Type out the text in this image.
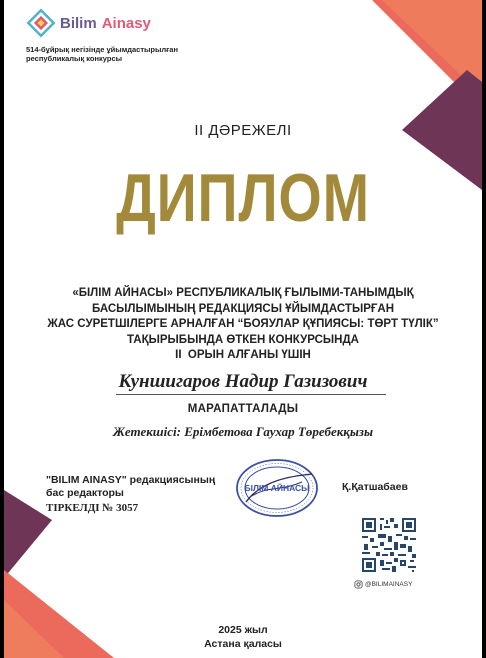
Bilim Ainasy
514-бұйрық негізінде ұйымдастырылған республикалық конкурсы
II ДӘРЕЖЕЛІ
ДИПЛОМ
«БІЛІМ АЙНАСЫ» РЕСПУБЛИКАЛЫҚ ҒЫЛЫМИ-ТАНЫМДЫҚ
БАСЫЛЫМЫНЫҢ РЕДАКЦИЯСЫ ҰЙЫМДАСТЫРҒАН
ЖАС СУРЕТШІЛЕРГЕ АРНАЛҒАН “БОЯУЛАР ҚҰПИЯСЫ: ТӨРТ ТҮЛІК”
ТАҚЫРЫБЫНДА ӨТКЕН КОНКУРСЫНДА
II  ОРЫН АЛҒАНЫ ҮШІН
Куншигаров Надир Газизович
МАРАПАТТАЛАДЫ
Жетекшісі: Ерімбетова Гаухар Төребекқызы
"BILIM AINASY" редакциясының
бас редакторы
ТІРКЕЛДІ № 3057
БІЛІМ АЙНАСЫ	Қ.Қатшабаев
@BILIMAINASY
2025 жыл
Астана қаласы
